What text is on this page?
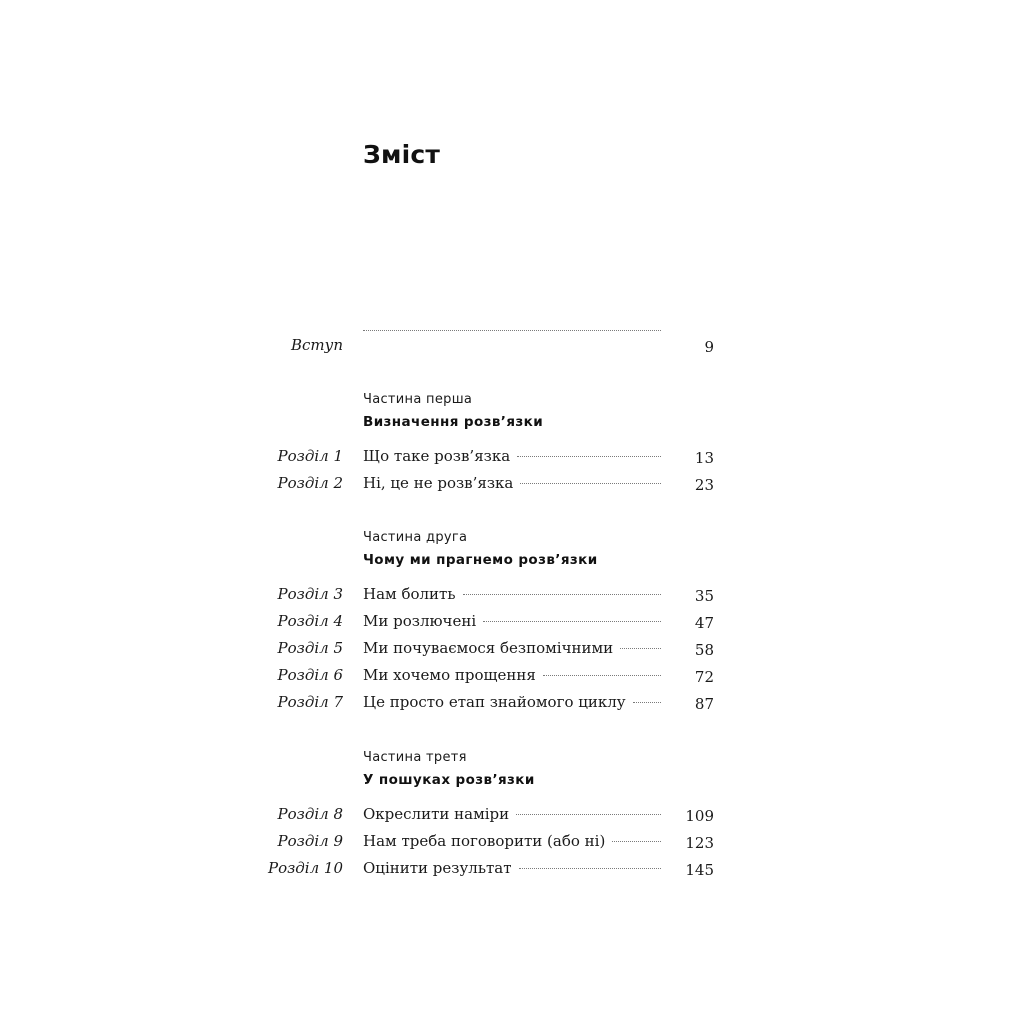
Зміст
Вступ	9
Частина перша
Визначення розв’язки
Розділ 1 Що таке розв’язка	13
Розділ 2 Ні, це не розв’язка	23
Частина друга
Чому ми прагнемо розв’язки
Розділ 3 Нам болить	35
Розділ 4 Ми розлючені	47
Розділ 5 Ми почуваємося безпомічними	58
Розділ 6 Ми хочемо прощення	72
Розділ 7 Це просто етап знайомого циклу	87
Частина третя
У пошуках розв’язки
Розділ 8 Окреслити наміри	109
Розділ 9 Нам треба поговорити (або ні)	123
Розділ 10 Оцінити результат	145
